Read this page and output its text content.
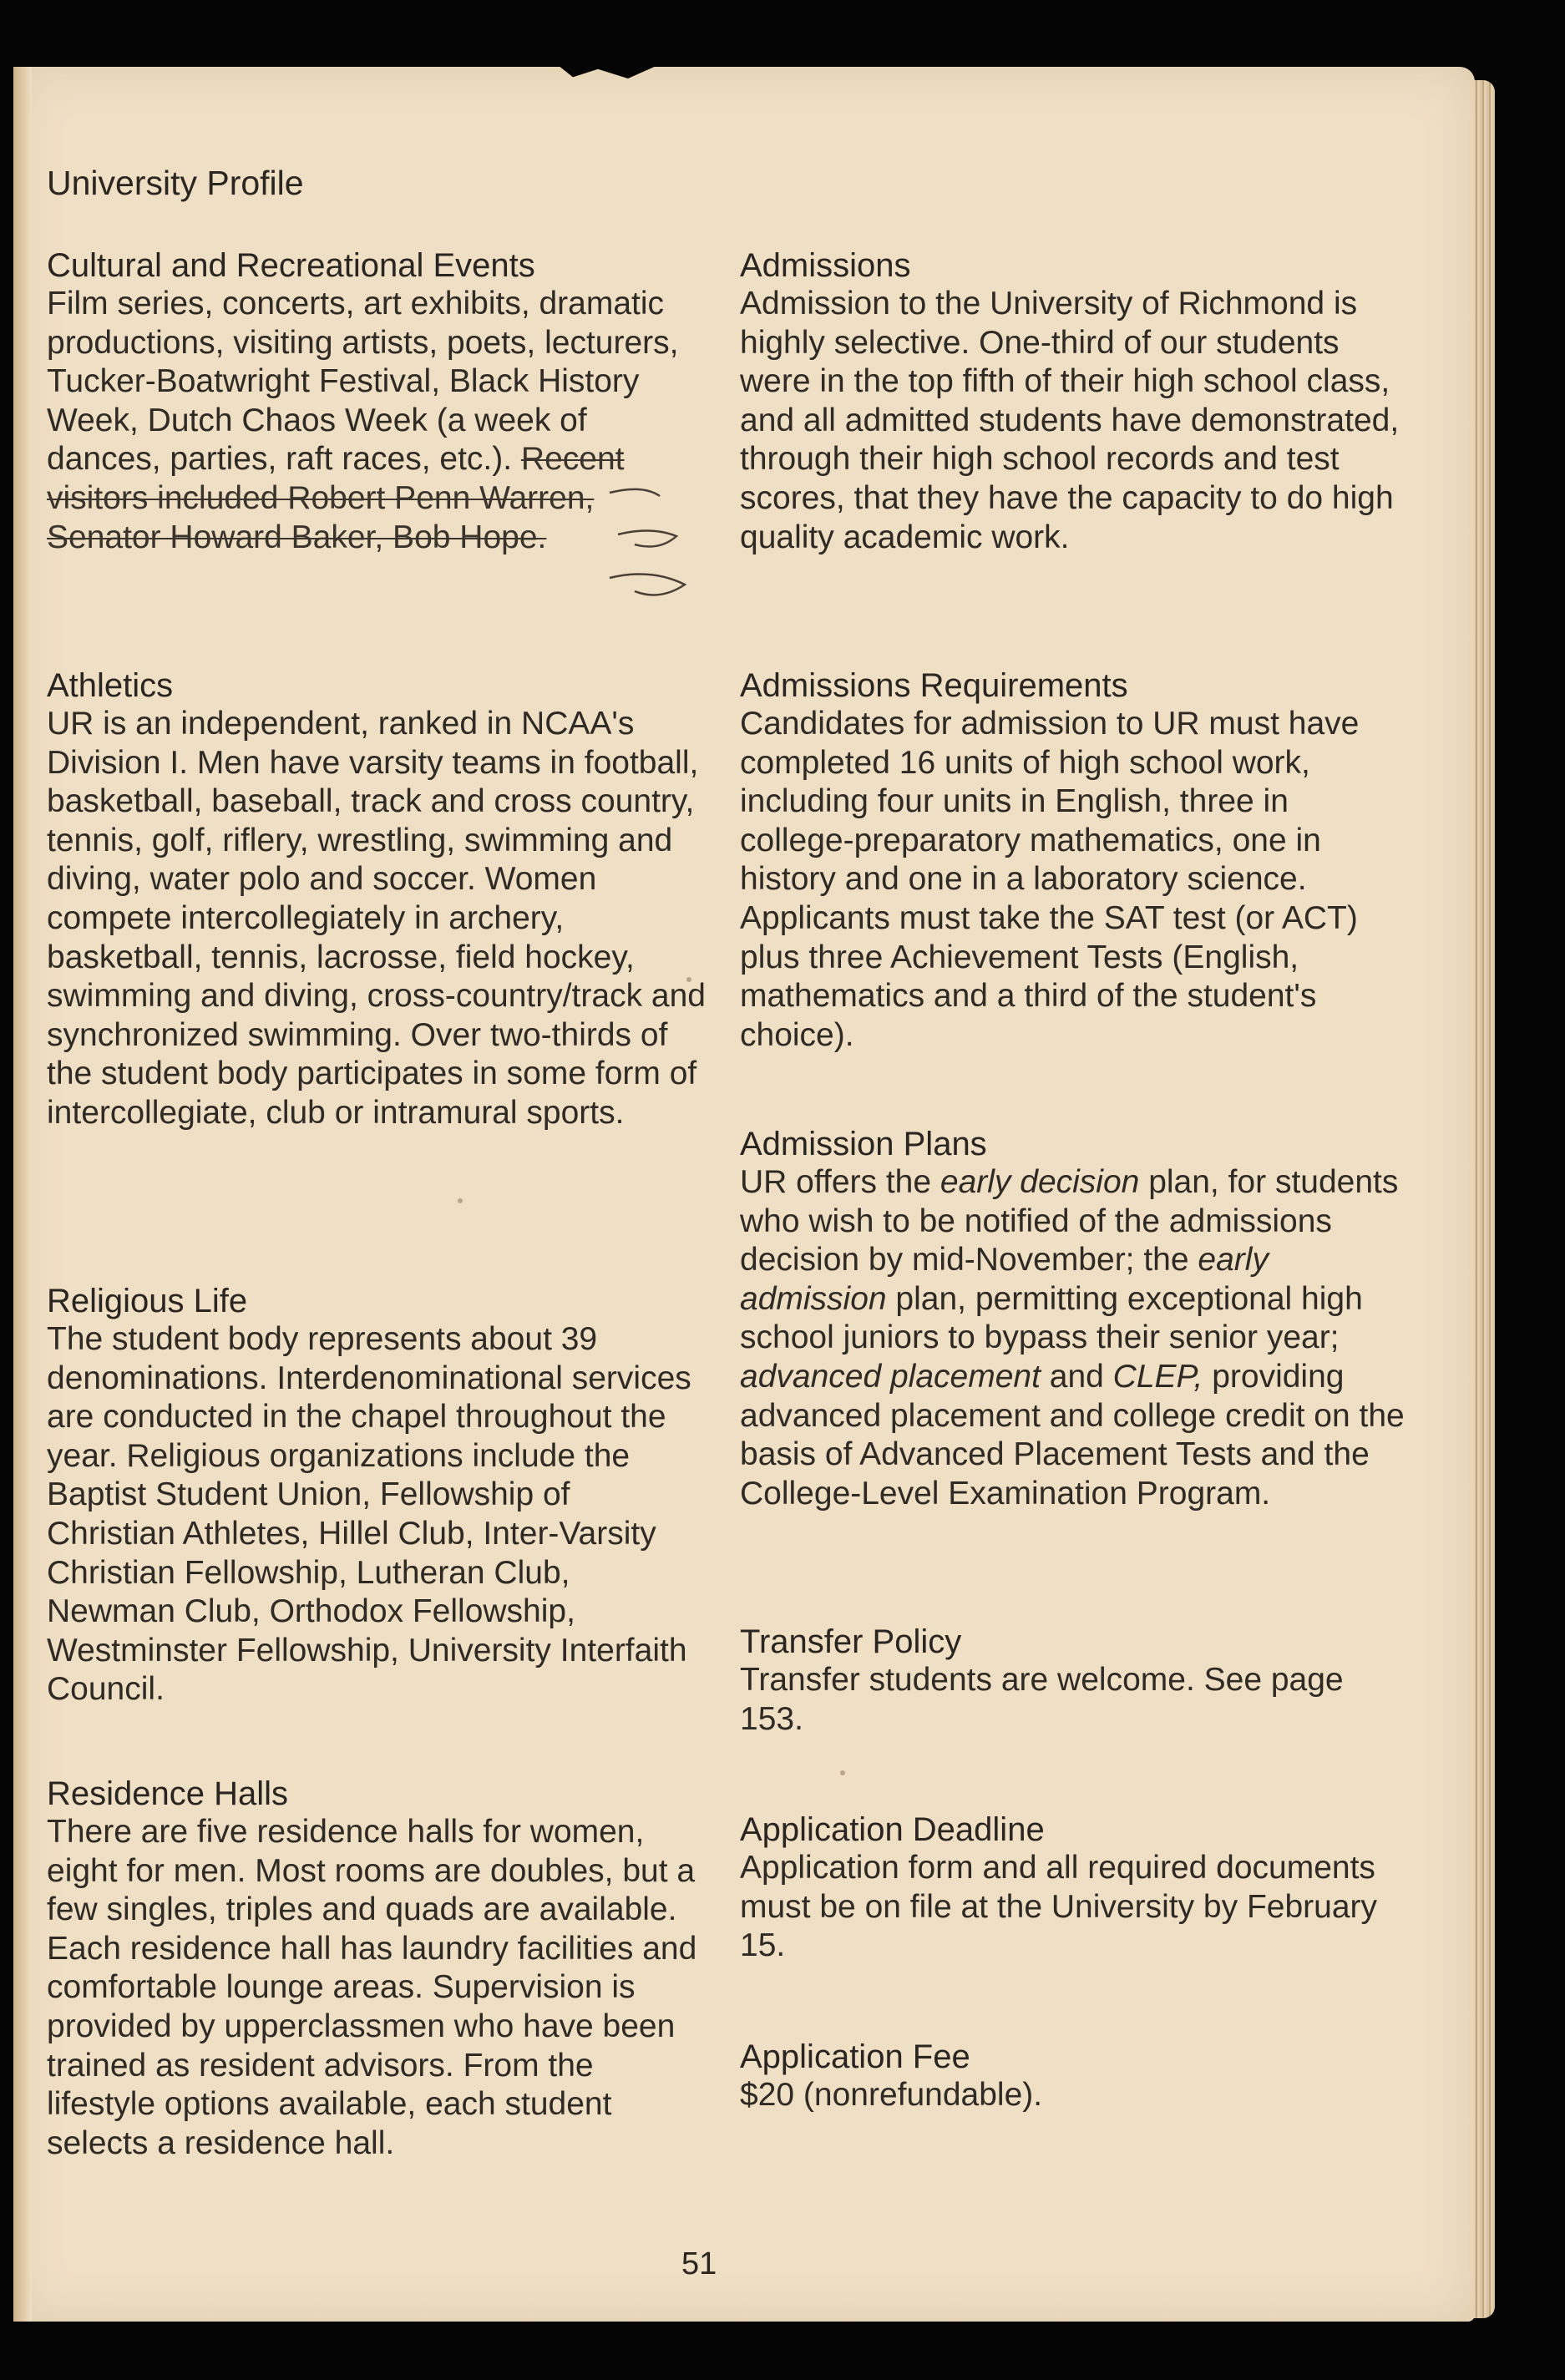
University Profile
Cultural and Recreational Events

Film series, concerts, art exhibits, dramatic productions, visiting artists, poets, lecturers, Tucker-Boatwright Festival, Black History Week, Dutch Chaos Week (a week of dances, parties, raft races, etc.). Recent visitors included Robert Penn Warren, Senator Howard Baker, Bob Hope.

Athletics

UR is an independent, ranked in NCAA's Division I. Men have varsity teams in football, basketball, baseball, track and cross country, tennis, golf, riflery, wrestling, swimming and diving, water polo and soccer. Women compete intercollegiately in archery, basketball, tennis, lacrosse, field hockey, swimming and diving, cross-country/track and synchronized swimming. Over two-thirds of the student body participates in some form of intercollegiate, club or intramural sports.

Religious Life

The student body represents about 39 denominations. Interdenominational services are conducted in the chapel throughout the year. Religious organizations include the Baptist Student Union, Fellowship of Christian Athletes, Hillel Club, Inter-Varsity Christian Fellowship, Lutheran Club, Newman Club, Orthodox Fellowship, Westminster Fellowship, University Interfaith Council.

Residence Halls

There are five residence halls for women, eight for men. Most rooms are doubles, but a few singles, triples and quads are available. Each residence hall has laundry facilities and comfortable lounge areas. Supervision is provided by upperclassmen who have been trained as resident advisors. From the lifestyle options available, each student selects a residence hall.

Admissions

Admission to the University of Richmond is highly selective. One-third of our students were in the top fifth of their high school class, and all admitted students have demonstrated, through their high school records and test scores, that they have the capacity to do high quality academic work.

Admissions Requirements

Candidates for admission to UR must have completed 16 units of high school work, including four units in English, three in college-preparatory mathematics, one in history and one in a laboratory science. Applicants must take the SAT test (or ACT) plus three Achievement Tests (English, mathematics and a third of the student's choice).

Admission Plans

UR offers the early decision plan, for students who wish to be notified of the admissions decision by mid-November; the early admission plan, permitting exceptional high school juniors to bypass their senior year; advanced placement and CLEP, providing advanced placement and college credit on the basis of Advanced Placement Tests and the College-Level Examination Program.

Transfer Policy

Transfer students are welcome. See page 153.

Application Deadline

Application form and all required documents must be on file at the University by February 15.

Application Fee

$20 (nonrefundable).

51
